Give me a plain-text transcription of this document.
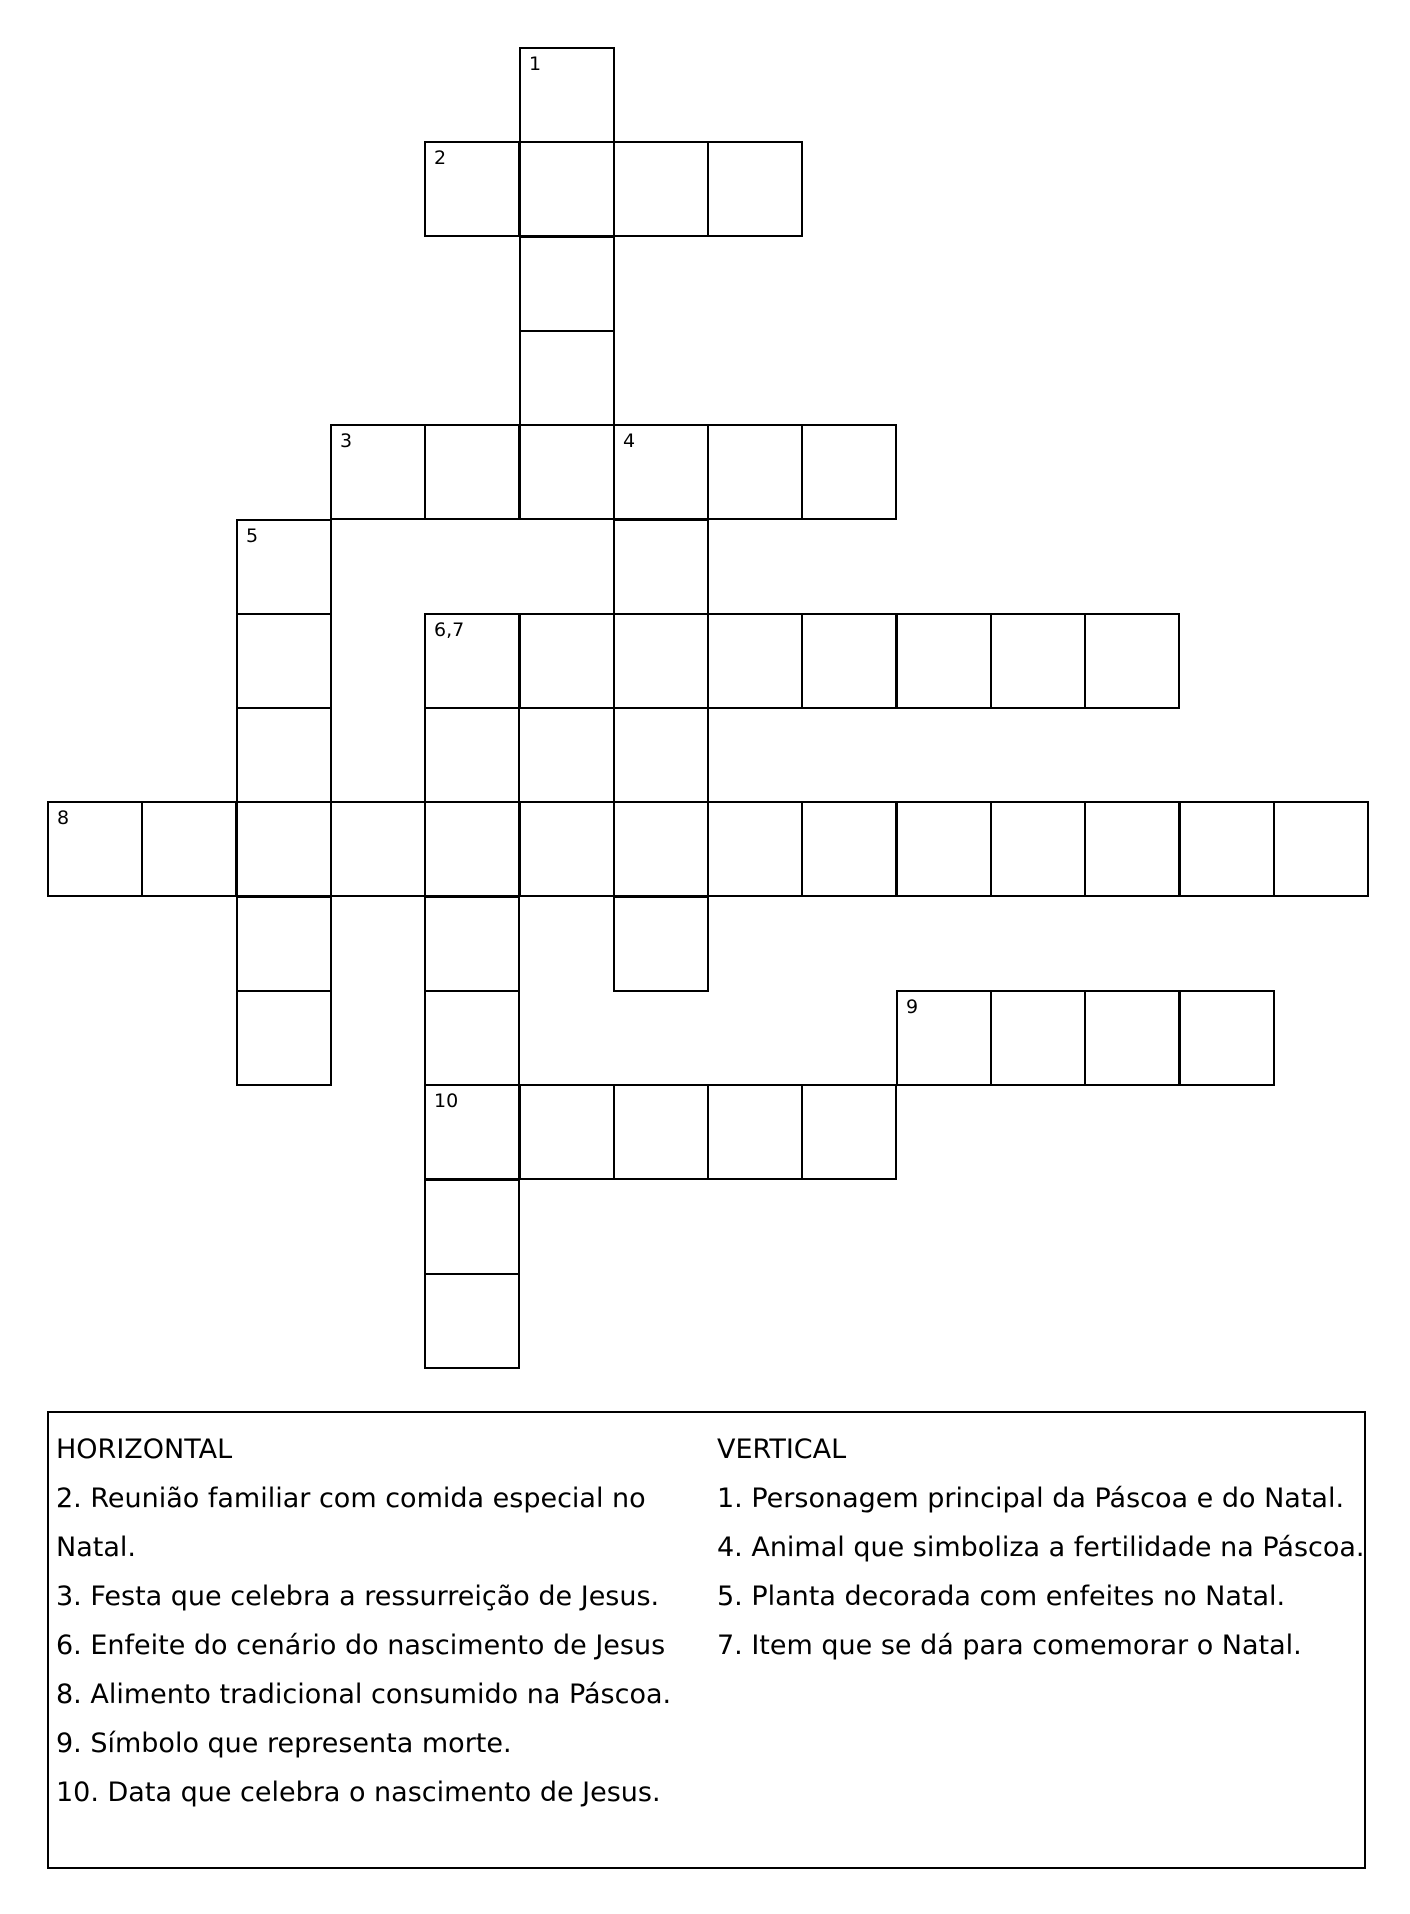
1
2
3	4
5
6,7
8
9
10
HORIZONTAL
2. Reunião familiar com comida especial no
Natal.
3. Festa que celebra a ressurreição de Jesus.
6. Enfeite do cenário do nascimento de Jesus
8. Alimento tradicional consumido na Páscoa.
9. Símbolo que representa morte.
10. Data que celebra o nascimento de Jesus.
VERTICAL
1. Personagem principal da Páscoa e do Natal.
4. Animal que simboliza a fertilidade na Páscoa.
5. Planta decorada com enfeites no Natal.
7. Item que se dá para comemorar o Natal.
